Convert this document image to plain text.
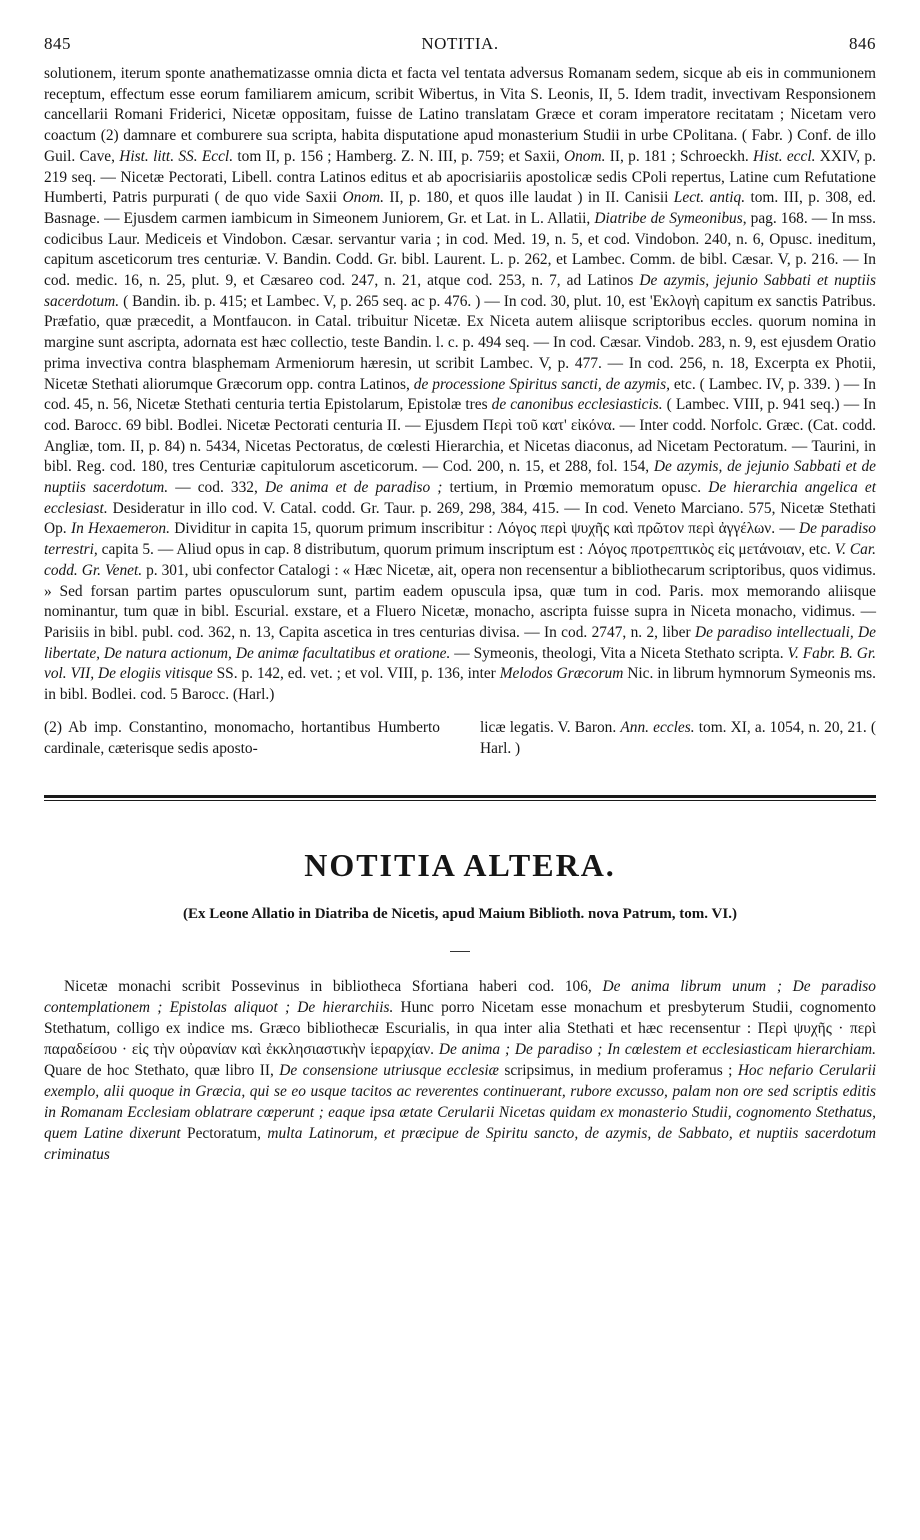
845	NOTITIA.	846

solutionem, iterum sponte anathematizasse omnia dicta et facta vel tentata adversus Romanam sedem, sicque ab eis in communionem receptum, effectum esse eorum familiarem amicum, scribit Wibertus, in Vita S. Leonis, II, 5. Idem tradit, invectivam Responsionem cancellarii Romani Friderici, Nicetæ oppositam, fuisse de Latino translatam Græce et coram imperatore recitatam ; Nicetam vero coactum (2) damnare et comburere sua scripta, habita disputatione apud monasterium Studii in urbe CPolitana. ( Fabr. ) Conf. de illo Guil. Cave, Hist. litt. SS. Eccl. tom II, p. 156 ; Hamberg. Z. N. III, p. 759; et Saxii, Onom. II, p. 181 ; Schroeckh. Hist. eccl. XXIV, p. 219 seq. — Nicetæ Pectorati, Libell. contra Latinos editus et ab apocrisiariis apostolicæ sedis CPoli repertus, Latine cum Refutatione Humberti, Patris purpurati ( de quo vide Saxii Onom. II, p. 180, et quos ille laudat ) in II. Canisii Lect. antiq. tom. III, p. 308, ed. Basnage. — Ejusdem carmen iambicum in Simeonem Juniorem, Gr. et Lat. in L. Allatii, Diatribe de Symeonibus, pag. 168. — In mss. codicibus Laur. Mediceis et Vindobon. Cæsar. servantur varia ; in cod. Med. 19, n. 5, et cod. Vindobon. 240, n. 6, Opusc. ineditum, capitum asceticorum tres centuriæ. V. Bandin. Codd. Gr. bibl. Laurent. L. p. 262, et Lambec. Comm. de bibl. Cæsar. V, p. 216. — In cod. medic. 16, n. 25, plut. 9, et Cæsareo cod. 247, n. 21, atque cod. 253, n. 7, ad Latinos De azymis, jejunio Sabbati et nuptiis sacerdotum. ( Bandin. ib. p. 415; et Lambec. V, p. 265 seq. ac p. 476. ) — In cod. 30, plut. 10, est 'Εκλογὴ capitum ex sanctis Patribus. Præfatio, quæ præcedit, a Montfaucon. in Catal. tribuitur Nicetæ. Ex Niceta autem aliisque scriptoribus eccles. quorum nomina in margine sunt ascripta, adornata est hæc collectio, teste Bandin. l. c. p. 494 seq. — In cod. Cæsar. Vindob. 283, n. 9, est ejusdem Oratio prima invectiva contra blasphemam Armeniorum hæresin, ut scribit Lambec. V, p. 477. — In cod. 256, n. 18, Excerpta ex Photii, Nicetæ Stethati aliorumque Græcorum opp. contra Latinos, de processione Spiritus sancti, de azymis, etc. ( Lambec. IV, p. 339. ) — In cod. 45, n. 56, Nicetæ Stethati centuria tertia Epistolarum, Epistolæ tres de canonibus ecclesiasticis. ( Lambec. VIII, p. 941 seq.) — In cod. Barocc. 69 bibl. Bodlei. Nicetæ Pectorati centuria II. — Ejusdem Περὶ τοῦ κατ' εἰκόνα. — Inter codd. Norfolc. Græc. (Cat. codd. Angliæ, tom. II, p. 84) n. 5434, Nicetas Pectoratus, de cœlesti Hierarchia, et Nicetas diaconus, ad Nicetam Pectoratum. — Taurini, in bibl. Reg. cod. 180, tres Centuriæ capitulorum asceticorum. — Cod. 200, n. 15, et 288, fol. 154, De azymis, de jejunio Sabbati et de nuptiis sacerdotum. — cod. 332, De anima et de paradiso ; tertium, in Prœmio memoratum opusc. De hierarchia angelica et ecclesiast. Desideratur in illo cod. V. Catal. codd. Gr. Taur. p. 269, 298, 384, 415. — In cod. Veneto Marciano. 575, Nicetæ Stethati Op. In Hexaemeron. Dividitur in capita 15, quorum primum inscribitur : Λόγος περὶ ψυχῆς καὶ πρῶτον περὶ ἀγγέλων. — De paradiso terrestri, capita 5. — Aliud opus in cap. 8 distributum, quorum primum inscriptum est : Λόγος προτρεπτικὸς εἰς μετάνοιαν, etc. V. Car. codd. Gr. Venet. p. 301, ubi confector Catalogi : « Hæc Nicetæ, ait, opera non recensentur a bibliothecarum scriptoribus, quos vidimus. » Sed forsan partim partes opusculorum sunt, partim eadem opuscula ipsa, quæ tum in cod. Paris. mox memorando aliisque nominantur, tum quæ in bibl. Escurial. exstare, et a Fluero Nicetæ, monacho, ascripta fuisse supra in Niceta monacho, vidimus. — Parisiis in bibl. publ. cod. 362, n. 13, Capita ascetica in tres centurias divisa. — In cod. 2747, n. 2, liber De paradiso intellectuali, De libertate, De natura actionum, De animæ facultatibus et oratione. — Symeonis, theologi, Vita a Niceta Stethato scripta. V. Fabr. B. Gr. vol. VII, De elogiis vitisque SS. p. 142, ed. vet. ; et vol. VIII, p. 136, inter Melodos Græcorum Nic. in librum hymnorum Symeonis ms. in bibl. Bodlei. cod. 5 Barocc. (Harl.)

(2) Ab imp. Constantino, monomacho, hortantibus Humberto cardinale, cæterisque sedis aposto-
licæ legatis. V. Baron. Ann. eccles. tom. XI, a. 1054, n. 20, 21. ( Harl. )
NOTITIA ALTERA.
(Ex Leone Allatio in Diatriba de Nicetis, apud Maium Biblioth. nova Patrum, tom. VI.)

Nicetæ monachi scribit Possevinus in bibliotheca Sfortiana haberi cod. 106, De anima librum unum ; De paradiso contemplationem ; Epistolas aliquot ; De hierarchiis. Hunc porro Nicetam esse monachum et presbyterum Studii, cognomento Stethatum, colligo ex indice ms. Græco bibliothecæ Escurialis, in qua inter alia Stethati et hæc recensentur : Περὶ ψυχῆς · περὶ παραδείσου · εἰς τὴν οὐρανίαν καὶ ἐκκλησιαστικὴν ἱεραρχίαν. De anima ; De paradiso ; In cœlestem et ecclesiasticam hierarchiam. Quare de hoc Stethato, quæ libro II, De consensione utriusque ecclesiæ scripsimus, in medium proferamus ; Hoc nefario Cerularii exemplo, alii quoque in Græcia, qui se eo usque tacitos ac reverentes continuerant, rubore excusso, palam non ore sed scriptis editis in Romanam Ecclesiam oblatrare cœperunt ; eaque ipsa ætate Cerularii Nicetas quidam ex monasterio Studii, cognomento Stethatus, quem Latine dixerunt Pectoratum, multa Latinorum, et præcipue de Spiritu sancto, de azymis, de Sabbato, et nuptiis sacerdotum criminatus
